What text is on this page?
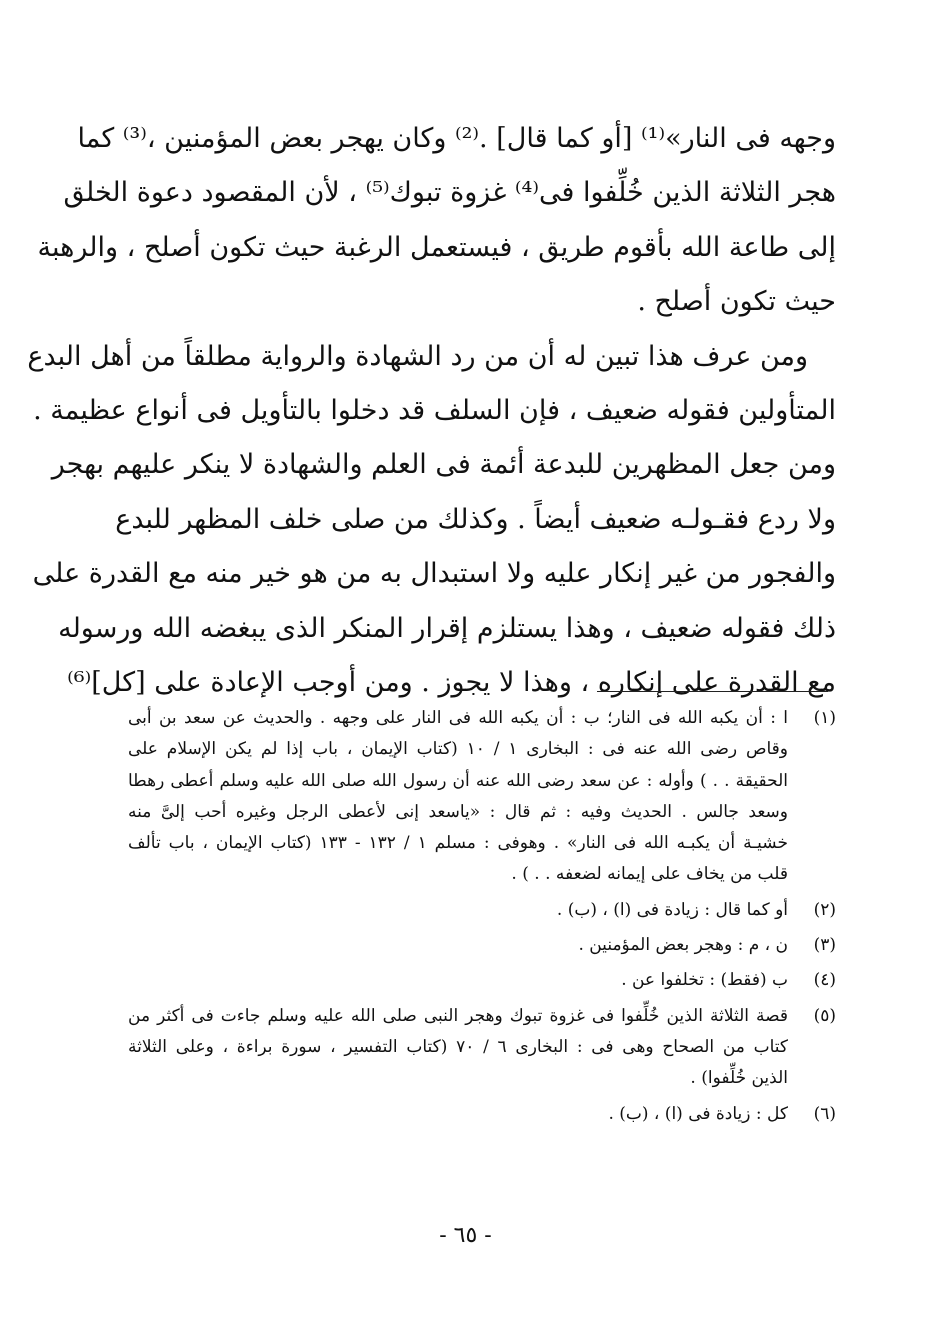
وجهه فى النار»⁽¹⁾ [أو كما قال] .⁽²⁾ وكان يهجر بعض المؤمنين ،⁽³⁾ كما
هجر الثلاثة الذين خُلِّفوا فى⁽⁴⁾ غزوة تبوك⁽⁵⁾ ، لأن المقصود دعوة الخلق
إلى طاعة الله بأقوم طريق ، فيستعمل الرغبة حيث تكون أصلح ، والرهبة
حيث تكون أصلح .
ومن عرف هذا تبين له أن من رد الشهادة والرواية مطلقاً من أهل البدع
المتأولين فقوله ضعيف ، فإن السلف قد دخلوا بالتأويل فى أنواع عظيمة .
ومن جعل المظهرين للبدعة أئمة فى العلم والشهادة لا ينكر عليهم بهجر
ولا ردع فقـولـه ضعيف أيضاً . وكذلك من صلى خلف المظهر للبدع
والفجور من غير إنكار عليه ولا استبدال به من هو خير منه مع القدرة على
ذلك فقوله ضعيف ، وهذا يستلزم إقرار المنكر الذى يبغضه الله ورسوله
مع القدرة على إنكاره ، وهذا لا يجوز . ومن أوجب الإعادة على [كل]⁽⁶⁾
(١)
ا : أن يكبه الله فى النار؛ ب : أن يكبه الله فى النار على وجهه . والحديث عن سعد بن أبى
وقاص رضى الله عنه فى : البخارى ١ / ١٠ (كتاب الإيمان ، باب إذا لم يكن الإسلام على
الحقيقة . . ) وأوله : عن سعد رضى الله عنه أن رسول الله صلى الله عليه وسلم أعطى رهطا
وسعد جالس . الحديث وفيه : ثم قال : «ياسعد إنى لأعطى الرجل وغيره أحب إلىَّ منه
خشيـة أن يكبـه الله فى النار» . وهوفى : مسلم ١ / ١٣٢ - ١٣٣ (كتاب الإيمان ، باب تألف
قلب من يخاف على إيمانه لضعفه . . ) .
(٢)
أو كما قال : زيادة فى (ا) ، (ب) .
(٣)
ن ، م : وهجر بعض المؤمنين .
(٤)
ب (فقط) : تخلفوا عن .
(٥)
قصة الثلاثة الذين خُلِّفوا فى غزوة تبوك وهجر النبى صلى الله عليه وسلم جاءت فى أكثر من
كتاب من الصحاح وهى فى : البخارى ٦ / ٧٠ (كتاب التفسير ، سورة براءة ، وعلى الثلاثة
الذين خُلِّفوا) .
(٦)
كل : زيادة فى (ا) ، (ب) .
- ٦٥ -
